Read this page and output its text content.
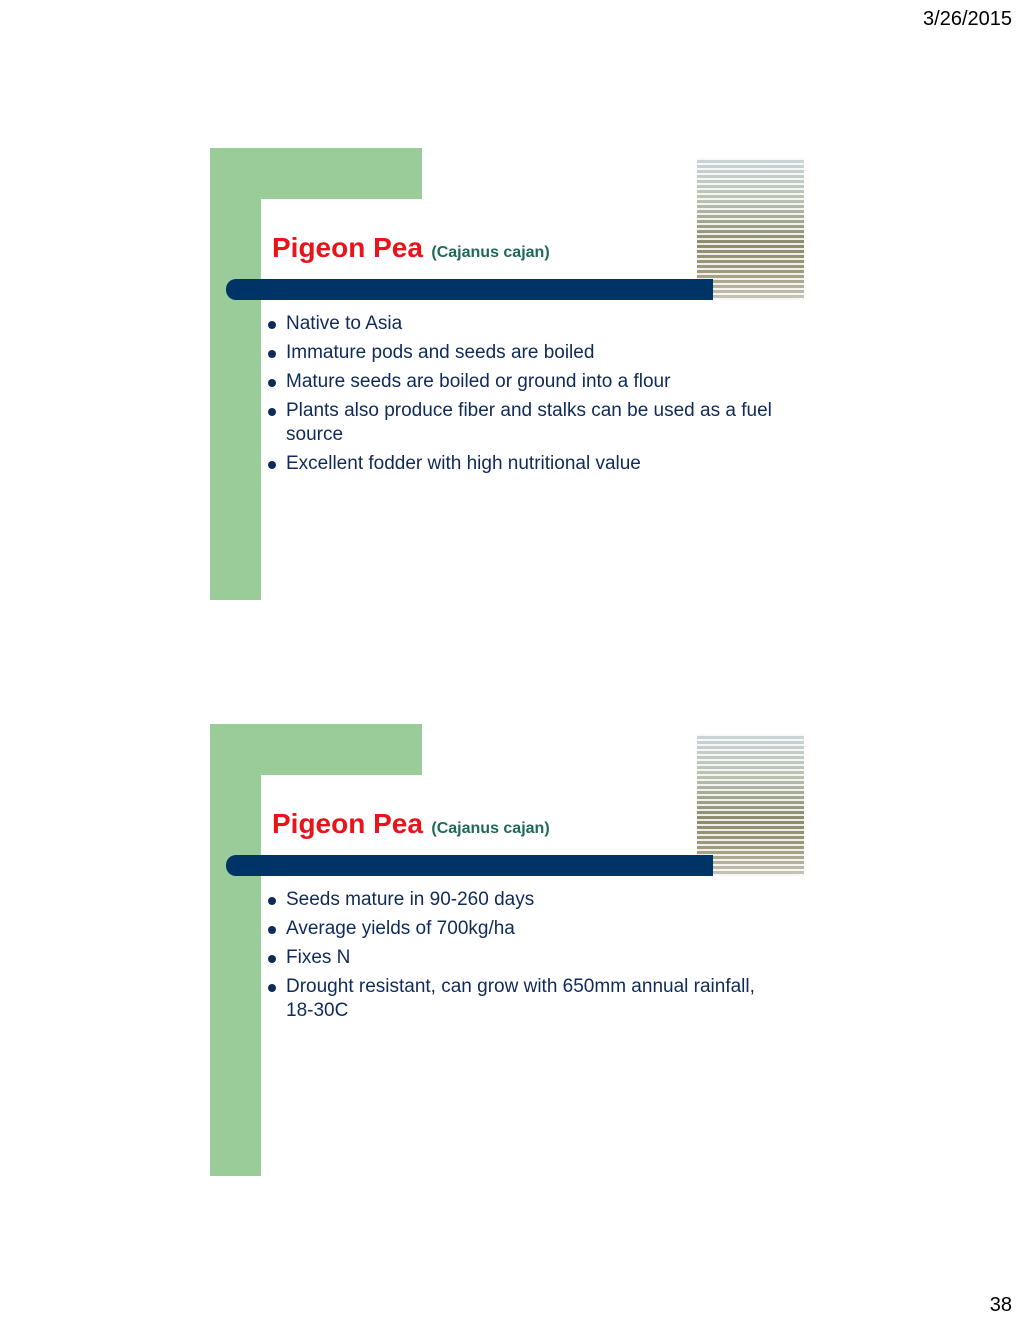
3/26/2015
Pigeon Pea (Cajanus cajan)
Native to Asia
Immature pods and seeds are boiled
Mature seeds are boiled or ground into a flour
Plants also produce fiber and stalks can be used as a fuel source
Excellent fodder with high nutritional value
Pigeon Pea (Cajanus cajan)
Seeds mature in 90-260 days
Average yields of 700kg/ha
Fixes N
Drought resistant, can grow with 650mm annual rainfall, 18-30C
38
